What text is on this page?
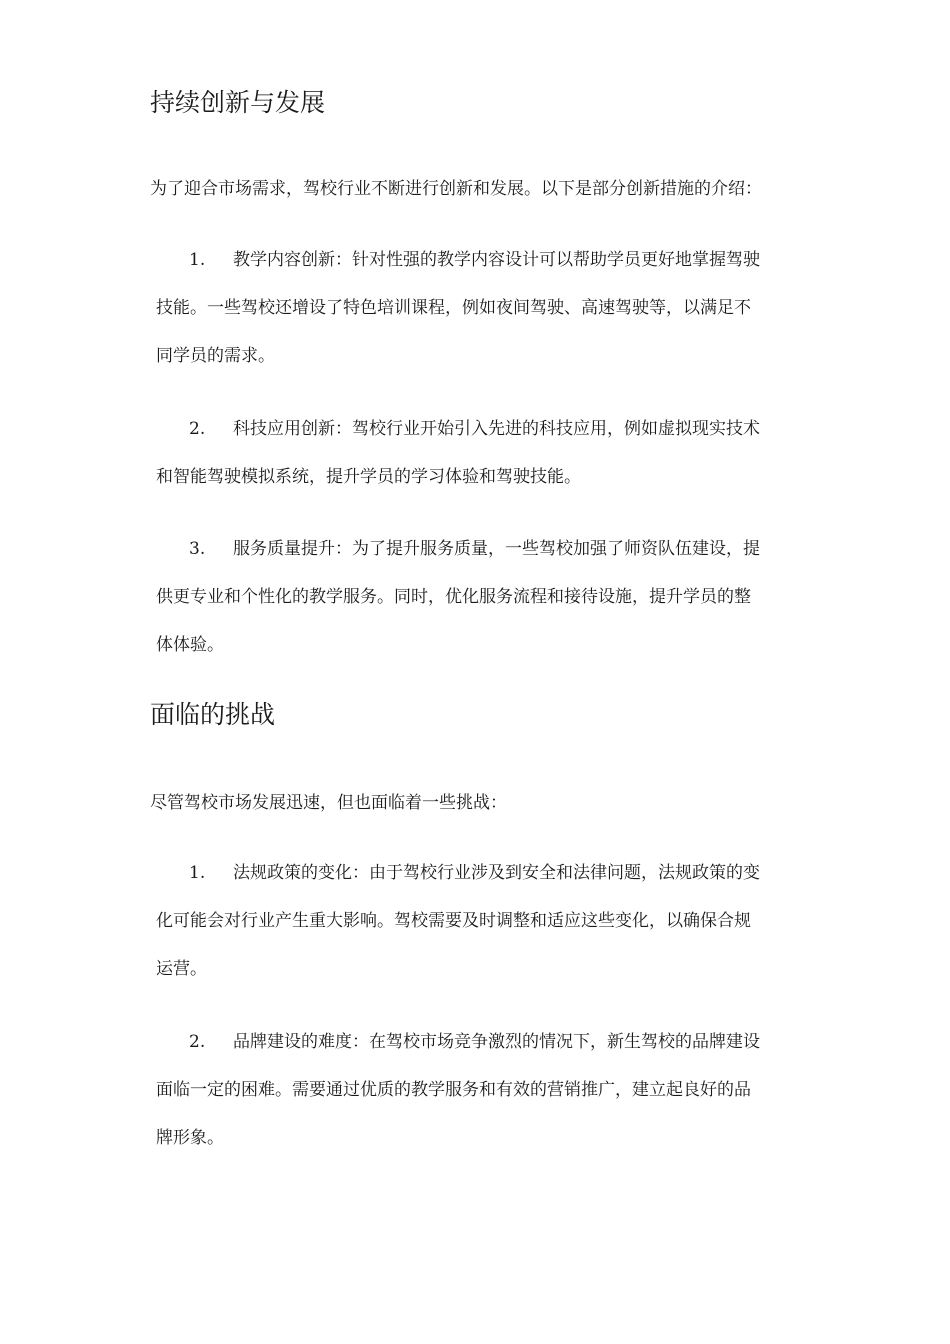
持续创新与发展

为了迎合市场需求，驾校行业不断进行创新和发展。以下是部分创新措施的介绍：

1. 教学内容创新：针对性强的教学内容设计可以帮助学员更好地掌握驾驶
技能。一些驾校还增设了特色培训课程，例如夜间驾驶、高速驾驶等，以满足不
同学员的需求。
2. 科技应用创新：驾校行业开始引入先进的科技应用，例如虚拟现实技术
和智能驾驶模拟系统，提升学员的学习体验和驾驶技能。
3. 服务质量提升：为了提升服务质量，一些驾校加强了师资队伍建设，提
供更专业和个性化的教学服务。同时，优化服务流程和接待设施，提升学员的整
体体验。
面临的挑战

尽管驾校市场发展迅速，但也面临着一些挑战：

1. 法规政策的变化：由于驾校行业涉及到安全和法律问题，法规政策的变
化可能会对行业产生重大影响。驾校需要及时调整和适应这些变化，以确保合规
运营。
2. 品牌建设的难度：在驾校市场竞争激烈的情况下，新生驾校的品牌建设
面临一定的困难。需要通过优质的教学服务和有效的营销推广，建立起良好的品
牌形象。
